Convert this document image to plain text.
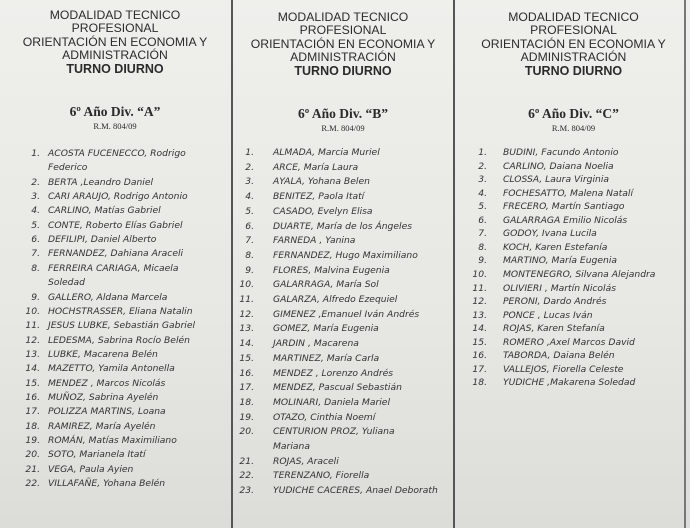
MODALIDAD TECNICO
PROFESIONAL
ORIENTACIÓN EN ECONOMIA Y
ADMINISTRACIÓN
TURNO DIURNO
6º Año Div. “A”
R.M. 804/09
1. ACOSTA FUCENECCO, Rodrigo
Federico
2. BERTA ,Leandro Daniel
3. CARI ARAUJO, Rodrigo Antonio
4. CARLINO, Matías Gabriel
5. CONTE, Roberto Elías Gabriel
6. DEFILIPI, Daniel Alberto
7. FERNANDEZ, Dahiana Araceli
8. FERREIRA CARIAGA, Micaela
Soledad
9. GALLERO, Aldana Marcela
10. HOCHSTRASSER, Eliana Natalin
11. JESUS LUBKE, Sebastián Gabriel
12. LEDESMA, Sabrina Rocío Belén
13. LUBKE, Macarena Belén
14. MAZETTO, Yamila Antonella
15. MENDEZ , Marcos Nicolás
16. MUÑOZ, Sabrina Ayelén
17. POLIZZA MARTINS, Loana
18. RAMIREZ, María Ayelén
19. ROMÁN, Matías Maximiliano
20. SOTO, Marianela Itatí
21. VEGA, Paula Ayien
22. VILLAFAÑE, Yohana Belén
MODALIDAD TECNICO
PROFESIONAL
ORIENTACIÓN EN ECONOMIA Y
ADMINISTRACIÓN
TURNO DIURNO
6º Año Div. “B”
R.M. 804/09
1. ALMADA, Marcia Muriel
2. ARCE, María Laura
3. AYALA, Yohana Belen
4. BENITEZ, Paola Itatí
5. CASADO, Evelyn Elisa
6. DUARTE, María de los Ángeles
7. FARNEDA , Yanina
8. FERNANDEZ, Hugo Maximiliano
9. FLORES, Malvina Eugenia
10. GALARRAGA, María Sol
11. GALARZA, Alfredo Ezequiel
12. GIMENEZ ,Emanuel Iván Andrés
13. GOMEZ, María Eugenia
14. JARDIN , Macarena
15. MARTINEZ, María Carla
16. MENDEZ , Lorenzo Andrés
17. MENDEZ, Pascual Sebastián
18. MOLINARI, Daniela Mariel
19. OTAZO, Cinthia Noemí
20. CENTURION PROZ, Yuliana
Mariana
21. ROJAS, Araceli
22. TERENZANO, Fiorella
23. YUDICHE CACERES, Anael Deborath
MODALIDAD TECNICO
PROFESIONAL
ORIENTACIÓN EN ECONOMIA Y
ADMINISTRACIÓN
TURNO DIURNO
6º Año Div. “C”
R.M. 804/09
1. BUDINI, Facundo Antonio
2. CARLINO, Daiana Noelia
3. CLOSSA, Laura Virginia
4. FOCHESATTO, Malena Natalí
5. FRECERO, Martín Santiago
6. GALARRAGA Emilio Nicolás
7. GODOY, Ivana Lucila
8. KOCH, Karen Estefanía
9. MARTINO, María Eugenia
10. MONTENEGRO, Silvana Alejandra
11. OLIVIERI , Martín Nicolás
12. PERONI, Dardo Andrés
13. PONCE , Lucas Iván
14. ROJAS, Karen Stefanía
15. ROMERO ,Axel Marcos David
16. TABORDA, Daiana Belén
17. VALLEJOS, Fiorella Celeste
18. YUDICHE ,Makarena Soledad
